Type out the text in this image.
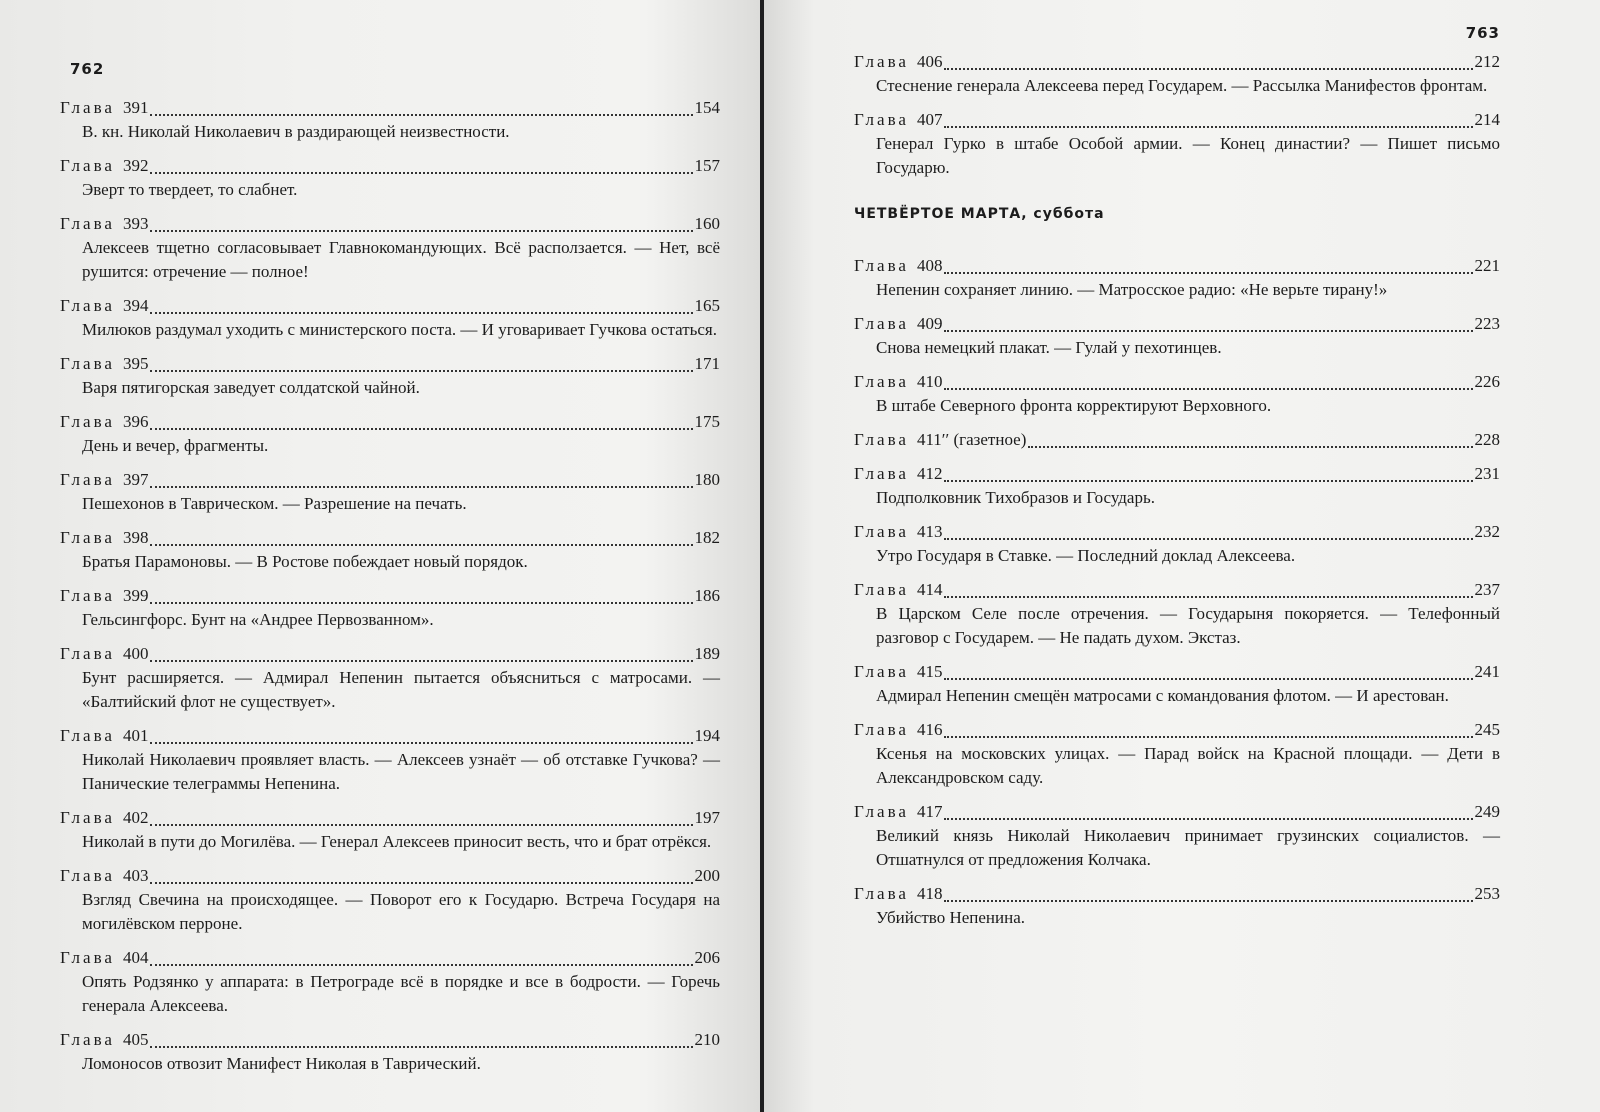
762
Глава 391	154
В. кн. Николай Николаевич в раздирающей неизвестности.
Глава 392	157
Эверт то твердеет, то слабнет.
Глава 393	160
Алексеев тщетно согласовывает Главнокомандующих. Всё расползается. — Нет, всё рушится: отречение — полное!
Глава 394	165
Милюков раздумал уходить с министерского поста. — И уговаривает Гучкова остаться.
Глава 395	171
Варя пятигорская заведует солдатской чайной.
Глава 396	175
День и вечер, фрагменты.
Глава 397	180
Пешехонов в Таврическом. — Разрешение на печать.
Глава 398	182
Братья Парамоновы. — В Ростове побеждает новый порядок.
Глава 399	186
Гельсингфорс. Бунт на «Андрее Первозванном».
Глава 400	189
Бунт расширяется. — Адмирал Непенин пытается объясниться с матросами. — «Балтийский флот не существует».
Глава 401	194
Николай Николаевич проявляет власть. — Алексеев узнаёт — об отставке Гучкова? — Панические телеграммы Непенина.
Глава 402	197
Николай в пути до Могилёва. — Генерал Алексеев приносит весть, что и брат отрёкся.
Глава 403	200
Взгляд Свечина на происходящее. — Поворот его к Государю. Встреча Государя на могилёвском перроне.
Глава 404	206
Опять Родзянко у аппарата: в Петрограде всё в порядке и все в бодрости. — Горечь генерала Алексеева.
Глава 405	210
Ломоносов отвозит Манифест Николая в Таврический.
763
Глава 406	212
Стеснение генерала Алексеева перед Государем. — Рассылка Манифестов фронтам.
Глава 407	214
Генерал Гурко в штабе Особой армии. — Конец династии? — Пишет письмо Государю.
ЧЕТВЁРТОЕ МАРТА, суббота
Глава 408	221
Непенин сохраняет линию. — Матросское радио: «Не верьте тирану!»
Глава 409	223
Снова немецкий плакат. — Гулай у пехотинцев.
Глава 410	226
В штабе Северного фронта корректируют Верховного.
Глава 411′′ (газетное)	228
Глава 412	231
Подполковник Тихобразов и Государь.
Глава 413	232
Утро Государя в Ставке. — Последний доклад Алексеева.
Глава 414	237
В Царском Селе после отречения. — Государыня покоряется. — Телефонный разговор с Государем. — Не падать духом. Экстаз.
Глава 415	241
Адмирал Непенин смещён матросами с командования флотом. — И арестован.
Глава 416	245
Ксенья на московских улицах. — Парад войск на Красной площади. — Дети в Александровском саду.
Глава 417	249
Великий князь Николай Николаевич принимает грузинских социалистов. — Отшатнулся от предложения Колчака.
Глава 418	253
Убийство Непенина.
